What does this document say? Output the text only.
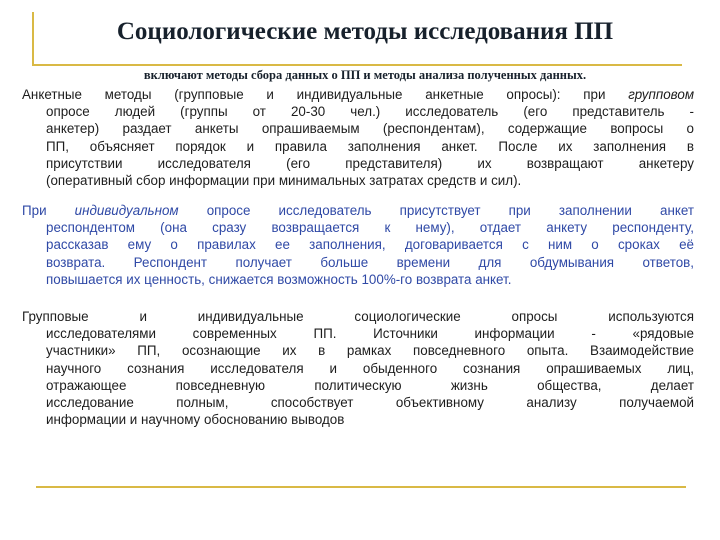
Социологические методы исследования ПП
включают методы сбора данных о ПП и методы анализа полученных данных.
Анкетные методы (групповые и индивидуальные анкетные опросы): при групповом
опросе людей (группы от 20-30 чел.) исследователь (его представитель -
анкетер) раздает анкеты опрашиваемым (респондентам), содержащие вопросы о
ПП, объясняет порядок и правила заполнения анкет. После их заполнения в
присутствии исследователя (его представителя) их возвращают анкетеру
(оперативный сбор информации при минимальных затратах средств и сил).
При индивидуальном опросе исследователь присутствует при заполнении анкет
респондентом (она сразу возвращается к нему), отдает анкету респонденту,
рассказав ему о правилах ее заполнения, договаривается с ним о сроках её
возврата. Респондент получает больше времени для обдумывания ответов,
повышается их ценность, снижается возможность 100%-го возврата анкет.
Групповые и индивидуальные социологические опросы используются
исследователями современных ПП. Источники информации - «рядовые
участники» ПП, осознающие их в рамках повседневного опыта. Взаимодействие
научного сознания исследователя и обыденного сознания опрашиваемых лиц,
отражающее повседневную политическую жизнь общества, делает
исследование полным, способствует объективному анализу получаемой
информации и научному обоснованию выводов
